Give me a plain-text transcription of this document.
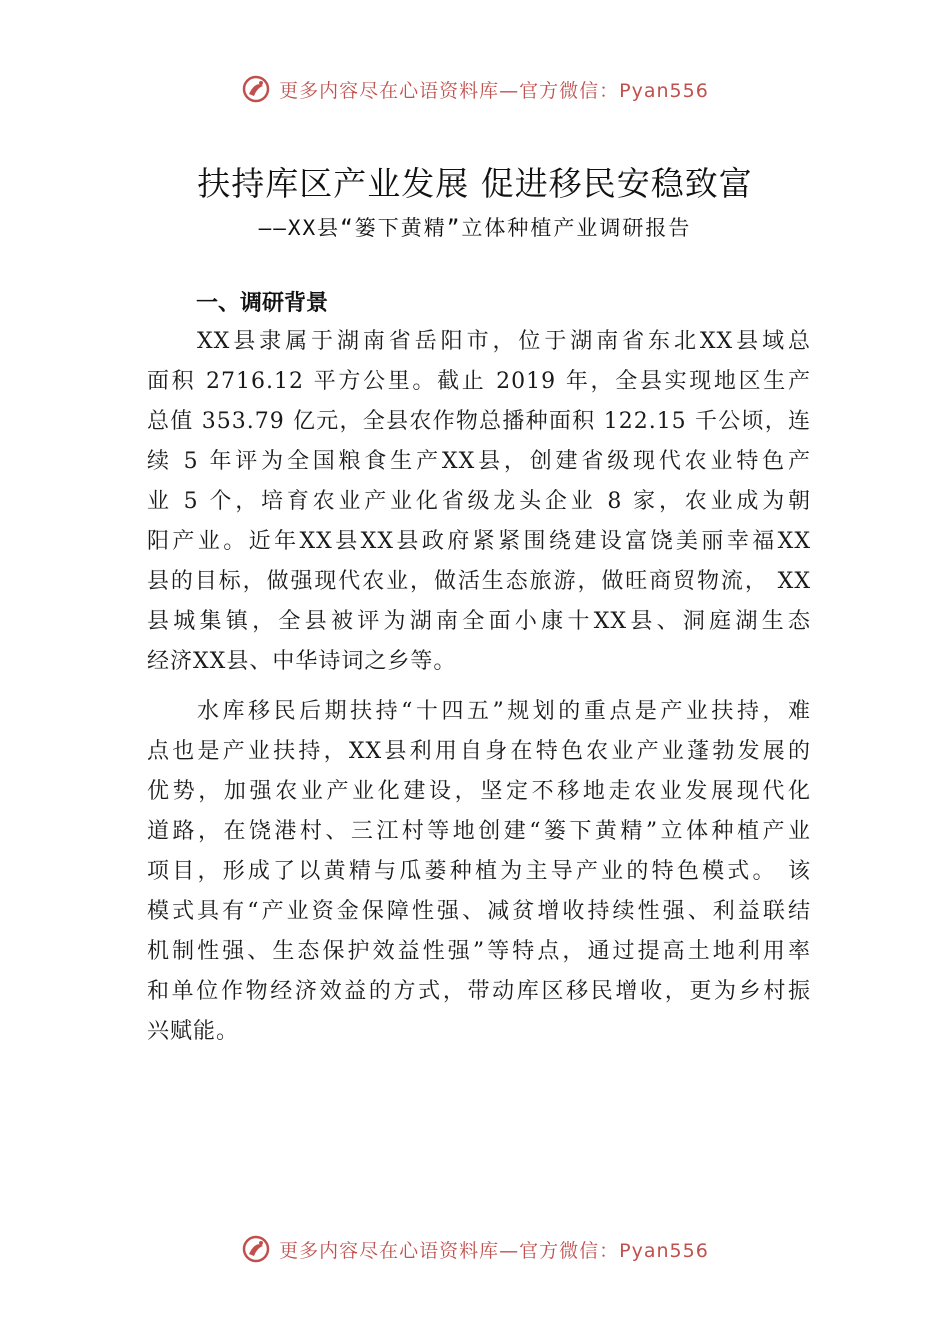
更多内容尽在心语资料库—官方微信：Pyan556
扶持库区产业发展 促进移民安稳致富
——XX县“篓下黄精”立体种植产业调研报告
一、调研背景
XX县隶属于湖南省岳阳市，位于湖南省东北XX县域总
面积 2716.12 平方公里。截止 2019 年，全县实现地区生产
总值 353.79 亿元，全县农作物总播种面积 122.15 千公顷，连
续 5 年评为全国粮食生产XX县，创建省级现代农业特色产
业 5 个，培育农业产业化省级龙头企业 8 家，农业成为朝
阳产业。近年XX县XX县政府紧紧围绕建设富饶美丽幸福XX
县的目标，做强现代农业，做活生态旅游，做旺商贸物流， XX
县城集镇，全县被评为湖南全面小康十XX县、洞庭湖生态
经济XX县、中华诗词之乡等。
水库移民后期扶持“十四五”规划的重点是产业扶持，难
点也是产业扶持，XX县利用自身在特色农业产业蓬勃发展的
优势，加强农业产业化建设，坚定不移地走农业发展现代化
道路，在饶港村、三江村等地创建“篓下黄精”立体种植产业
项目，形成了以黄精与瓜蒌种植为主导产业的特色模式。 该
模式具有“产业资金保障性强、减贫增收持续性强、利益联结
机制性强、生态保护效益性强”等特点，通过提高土地利用率
和单位作物经济效益的方式，带动库区移民增收，更为乡村振
兴赋能。
更多内容尽在心语资料库—官方微信：Pyan556
